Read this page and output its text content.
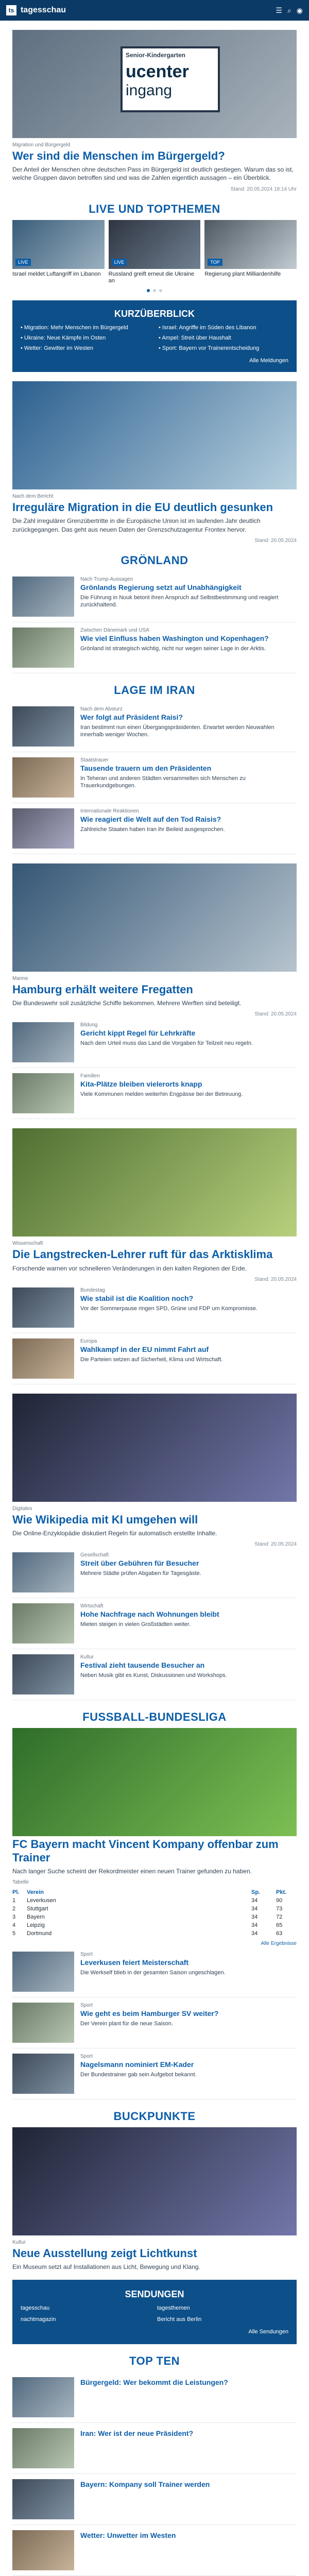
ts tagesschau	☰ ⌕ ◉
Senior-Kindergarten
ucenter
ingang
Migration und Bürgergeld
Wer sind die Menschen im Bürgergeld?
Der Anteil der Menschen ohne deutschen Pass im Bürgergeld ist deutlich gestiegen. Warum das so ist, welche Gruppen davon betroffen sind und was die Zahlen eigentlich aussagen – ein Überblick.
Stand: 20.05.2024 18:14 Uhr
LIVE UND TOPTHEMEN
LIVE
Israel meldet Luftangriff im Libanon
LIVE
Russland greift erneut die Ukraine an
TOP
Regierung plant Milliardenhilfe
KURZÜBERBLICK
• Migration: Mehr Menschen im Bürgergeld	• Israel: Angriffe im Süden des Libanon
• Ukraine: Neue Kämpfe im Osten	• Ampel: Streit über Haushalt
• Wetter: Gewitter im Westen	• Sport: Bayern vor Trainerentscheidung
Alle Meldungen
Nach dem Bericht
Irreguläre Migration in die EU deutlich gesunken
Die Zahl irregulärer Grenzübertritte in die Europäische Union ist im laufenden Jahr deutlich zurückgegangen. Das geht aus neuen Daten der Grenzschutzagentur Frontex hervor.
Stand: 20.05.2024
GRÖNLAND
Nach Trump-Aussagen
Grönlands Regierung setzt auf Unabhängigkeit
Die Führung in Nuuk betont ihren Anspruch auf Selbstbestimmung und reagiert zurückhaltend.
Zwischen Dänemark und USA
Wie viel Einfluss haben Washington und Kopenhagen?
Grönland ist strategisch wichtig, nicht nur wegen seiner Lage in der Arktis.
LAGE IM IRAN
Nach dem Absturz
Wer folgt auf Präsident Raisi?
Iran bestimmt nun einen Übergangspräsidenten. Erwartet werden Neuwahlen innerhalb weniger Wochen.
Staatstrauer
Tausende trauern um den Präsidenten
In Teheran und anderen Städten versammelten sich Menschen zu Trauerkundgebungen.
Internationale Reaktionen
Wie reagiert die Welt auf den Tod Raisis?
Zahlreiche Staaten haben Iran ihr Beileid ausgesprochen.
Marine
Hamburg erhält weitere Fregatten
Die Bundeswehr soll zusätzliche Schiffe bekommen. Mehrere Werften sind beteiligt.
Stand: 20.05.2024
Bildung
Gericht kippt Regel für Lehrkräfte
Nach dem Urteil muss das Land die Vorgaben für Teilzeit neu regeln.
Familien
Kita-Plätze bleiben vielerorts knapp
Viele Kommunen melden weiterhin Engpässe bei der Betreuung.
Wissenschaft
Die Langstrecken-Lehrer ruft für das Arktisklima
Forschende warnen vor schnelleren Veränderungen in den kalten Regionen der Erde.
Stand: 20.05.2024
Bundestag
Wie stabil ist die Koalition noch?
Vor der Sommerpause ringen SPD, Grüne und FDP um Kompromisse.
Europa
Wahlkampf in der EU nimmt Fahrt auf
Die Parteien setzen auf Sicherheit, Klima und Wirtschaft.
Digitales
Wie Wikipedia mit KI umgehen will
Die Online-Enzyklopädie diskutiert Regeln für automatisch erstellte Inhalte.
Stand: 20.05.2024
Gesellschaft
Streit über Gebühren für Besucher
Mehrere Städte prüfen Abgaben für Tagesgäste.
Wirtschaft
Hohe Nachfrage nach Wohnungen bleibt
Mieten steigen in vielen Großstädten weiter.
Kultur
Festival zieht tausende Besucher an
Neben Musik gibt es Kunst, Diskussionen und Workshops.
FUSSBALL-BUNDESLIGA
FC Bayern macht Vincent Kompany offenbar zum Trainer
Nach langer Suche scheint der Rekordmeister einen neuen Trainer gefunden zu haben.
Tabelle
Pl.	Verein	Sp.	Pkt.
1	Leverkusen	34	90
2	Stuttgart	34	73
3	Bayern	34	72
4	Leipzig	34	65
5	Dortmund	34	63
Alle Ergebnisse
Sport
Leverkusen feiert Meisterschaft
Die Werkself blieb in der gesamten Saison ungeschlagen.
Sport
Wie geht es beim Hamburger SV weiter?
Der Verein plant für die neue Saison.
Sport
Nagelsmann nominiert EM-Kader
Der Bundestrainer gab sein Aufgebot bekannt.
BUCKPUNKTE
Kultur
Neue Ausstellung zeigt Lichtkunst
Ein Museum setzt auf Installationen aus Licht, Bewegung und Klang.
SENDUNGEN
tagesschau	tagesthemen
nachtmagazin	Bericht aus Berlin
Alle Sendungen
TOP TEN
Bürgergeld: Wer bekommt die Leistungen?
Iran: Wer ist der neue Präsident?
Bayern: Kompany soll Trainer werden
Wetter: Unwetter im Westen
